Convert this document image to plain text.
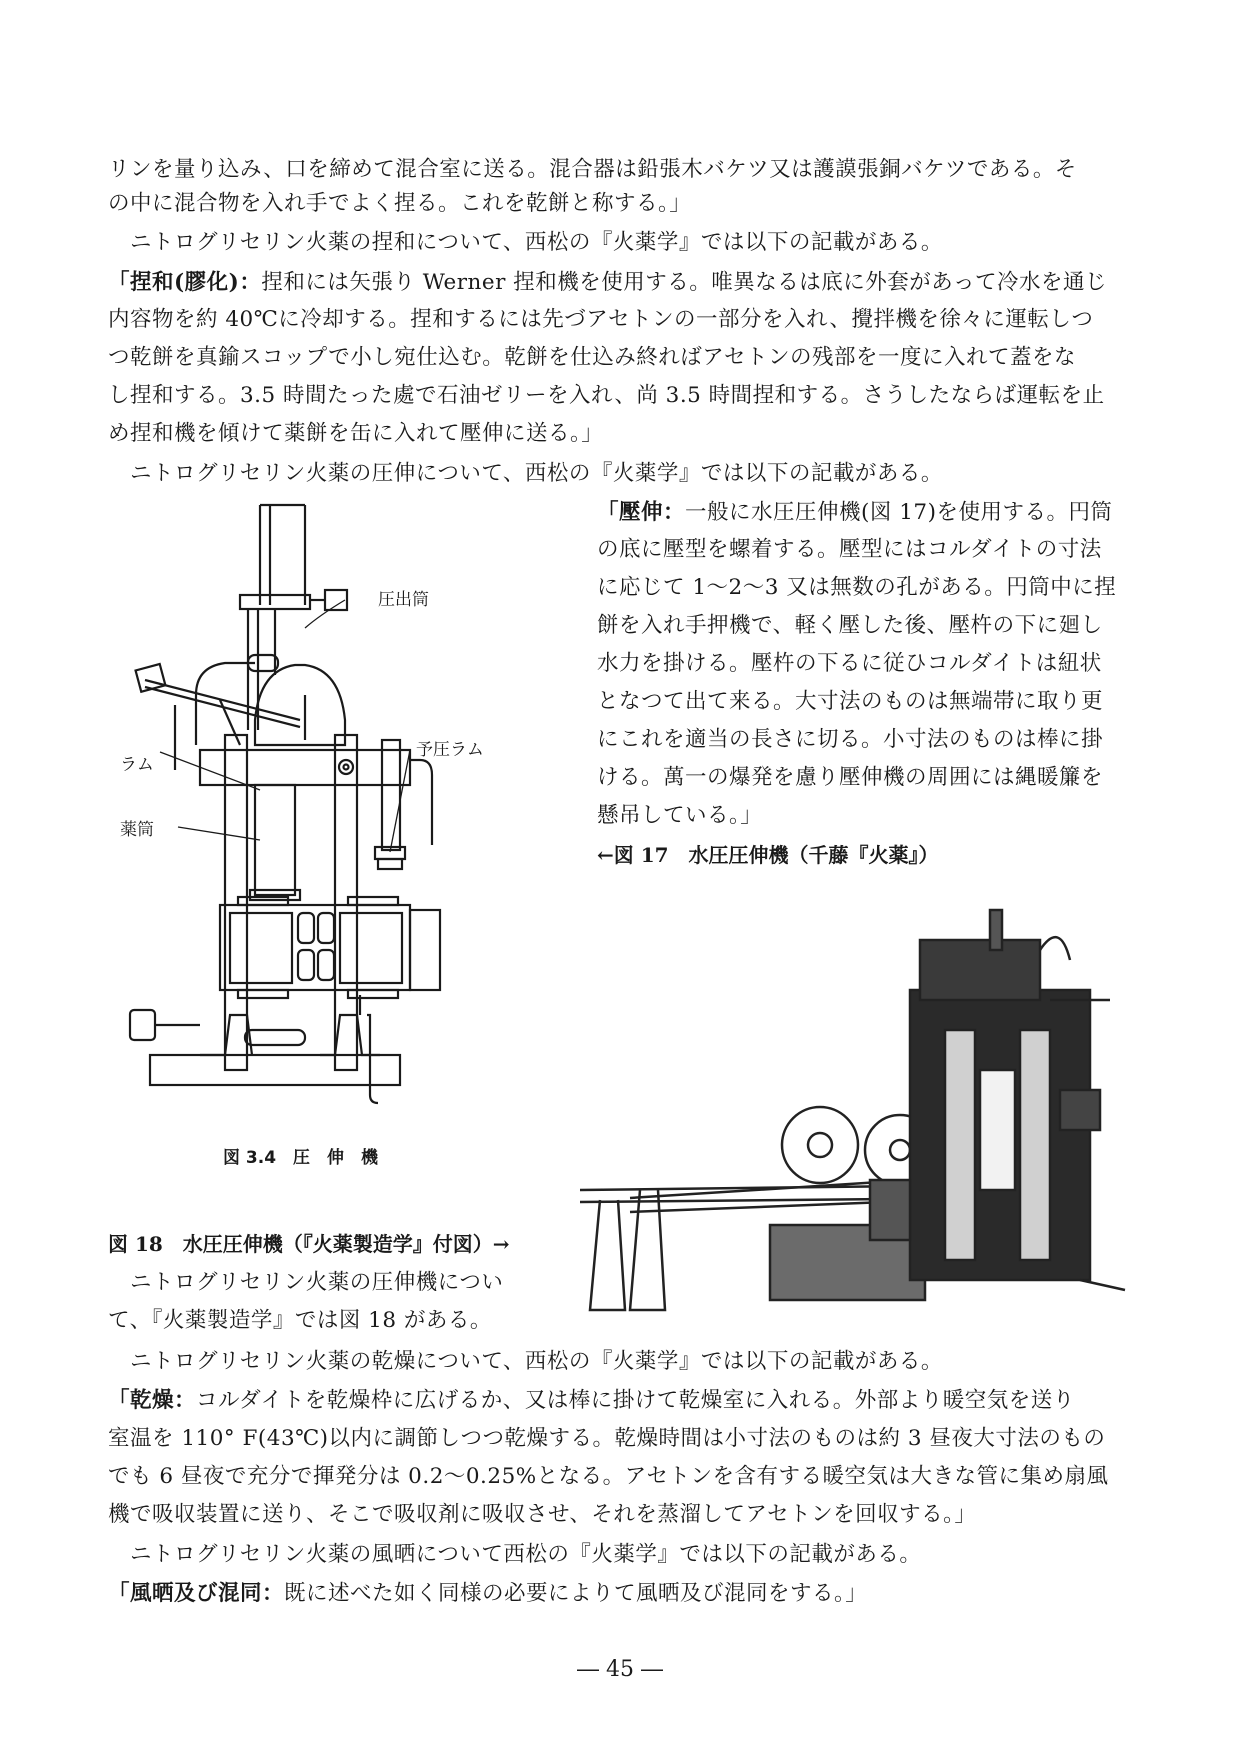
リンを量り込み、口を締めて混合室に送る。混合器は鉛張木バケツ又は護謨張銅バケツである。そ
の中に混合物を入れ手でよく捏る。これを乾餅と称する。」
　ニトログリセリン火薬の捏和について、西松の『火薬学』では以下の記載がある。
「捏和(膠化)：捏和には矢張り Werner 捏和機を使用する。唯異なるは底に外套があって冷水を通じ
内容物を約 40℃に冷却する。捏和するには先づアセトンの一部分を入れ、攪拌機を徐々に運転しつ
つ乾餅を真鍮スコップで小し宛仕込む。乾餅を仕込み終ればアセトンの残部を一度に入れて蓋をな
し捏和する。3.5 時間たった處で石油ゼリーを入れ、尚 3.5 時間捏和する。さうしたならば運転を止
め捏和機を傾けて薬餅を缶に入れて壓伸に送る。」
　ニトログリセリン火薬の圧伸について、西松の『火薬学』では以下の記載がある。
「壓伸：一般に水圧圧伸機(図 17)を使用する。円筒
の底に壓型を螺着する。壓型にはコルダイトの寸法
に応じて 1～2～3 又は無数の孔がある。円筒中に捏
餅を入れ手押機で、軽く壓した後、壓杵の下に廻し
水力を掛ける。壓杵の下るに従ひコルダイトは紐状
となつて出て来る。大寸法のものは無端帯に取り更
にこれを適当の長さに切る。小寸法のものは棒に掛
ける。萬一の爆発を慮り壓伸機の周囲には縄暖簾を
懸吊している。」
←図 17　水圧圧伸機（千藤『火薬』）
圧出筒
予圧ラム
ラム
薬筒
図 3.4　圧　伸　機
図 18　水圧圧伸機（『火薬製造学』付図）→
　ニトログリセリン火薬の圧伸機につい
て、『火薬製造学』では図 18 がある。
　ニトログリセリン火薬の乾燥について、西松の『火薬学』では以下の記載がある。
「乾燥：コルダイトを乾燥枠に広げるか、又は棒に掛けて乾燥室に入れる。外部より暖空気を送り
室温を 110° F(43℃)以内に調節しつつ乾燥する。乾燥時間は小寸法のものは約 3 昼夜大寸法のもの
でも 6 昼夜で充分で揮発分は 0.2～0.25%となる。アセトンを含有する暖空気は大きな管に集め扇風
機で吸収装置に送り、そこで吸収剤に吸収させ、それを蒸溜してアセトンを回収する。」
　ニトログリセリン火薬の風晒について西松の『火薬学』では以下の記載がある。
「風晒及び混同：既に述べた如く同様の必要によりて風晒及び混同をする。」
― 45 ―
